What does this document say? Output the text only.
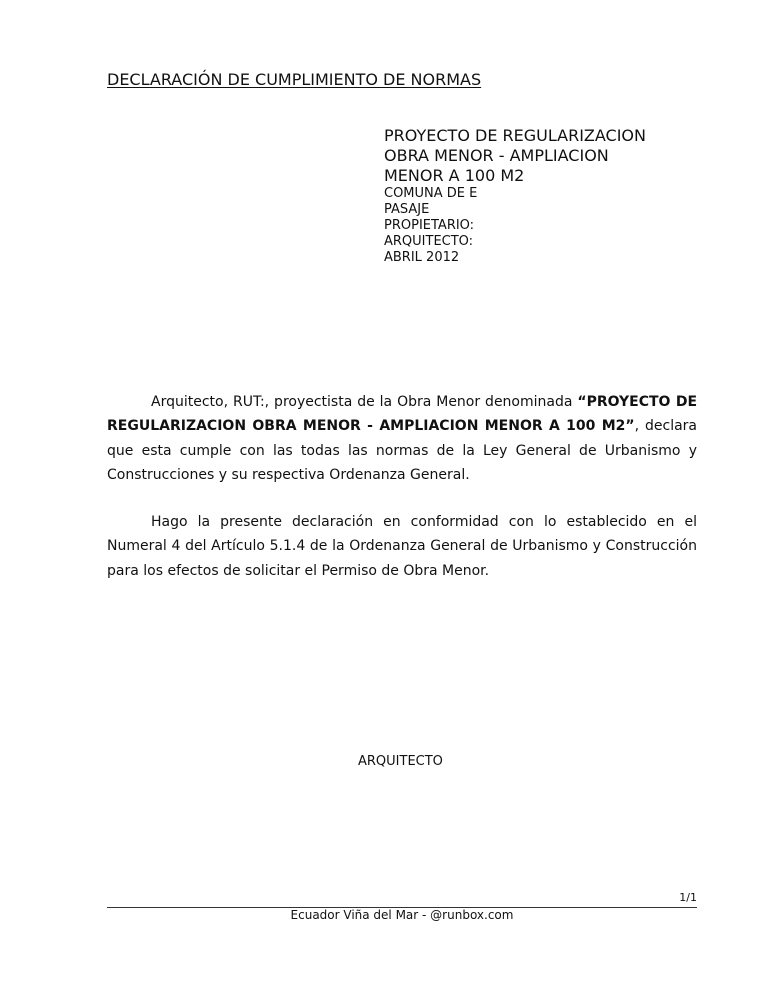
DECLARACIÓN DE CUMPLIMIENTO DE NORMAS
PROYECTO DE REGULARIZACION
OBRA MENOR - AMPLIACION
MENOR A 100 M2
COMUNA DE E
PASAJE
PROPIETARIO:
ARQUITECTO:
ABRIL 2012

Arquitecto, RUT:, proyectista de la Obra Menor denominada “PROYECTO DE REGULARIZACION OBRA MENOR - AMPLIACION MENOR A 100 M2”, declara que esta cumple con las todas las normas de la Ley General de Urbanismo y Construcciones y su respectiva Ordenanza General.

Hago la presente declaración en conformidad con lo establecido en el Numeral 4 del Artículo 5.1.4 de la Ordenanza General de Urbanismo y Construcción para los efectos de solicitar el Permiso de Obra Menor.

ARQUITECTO
1/1
Ecuador Viña del Mar - @runbox.com
